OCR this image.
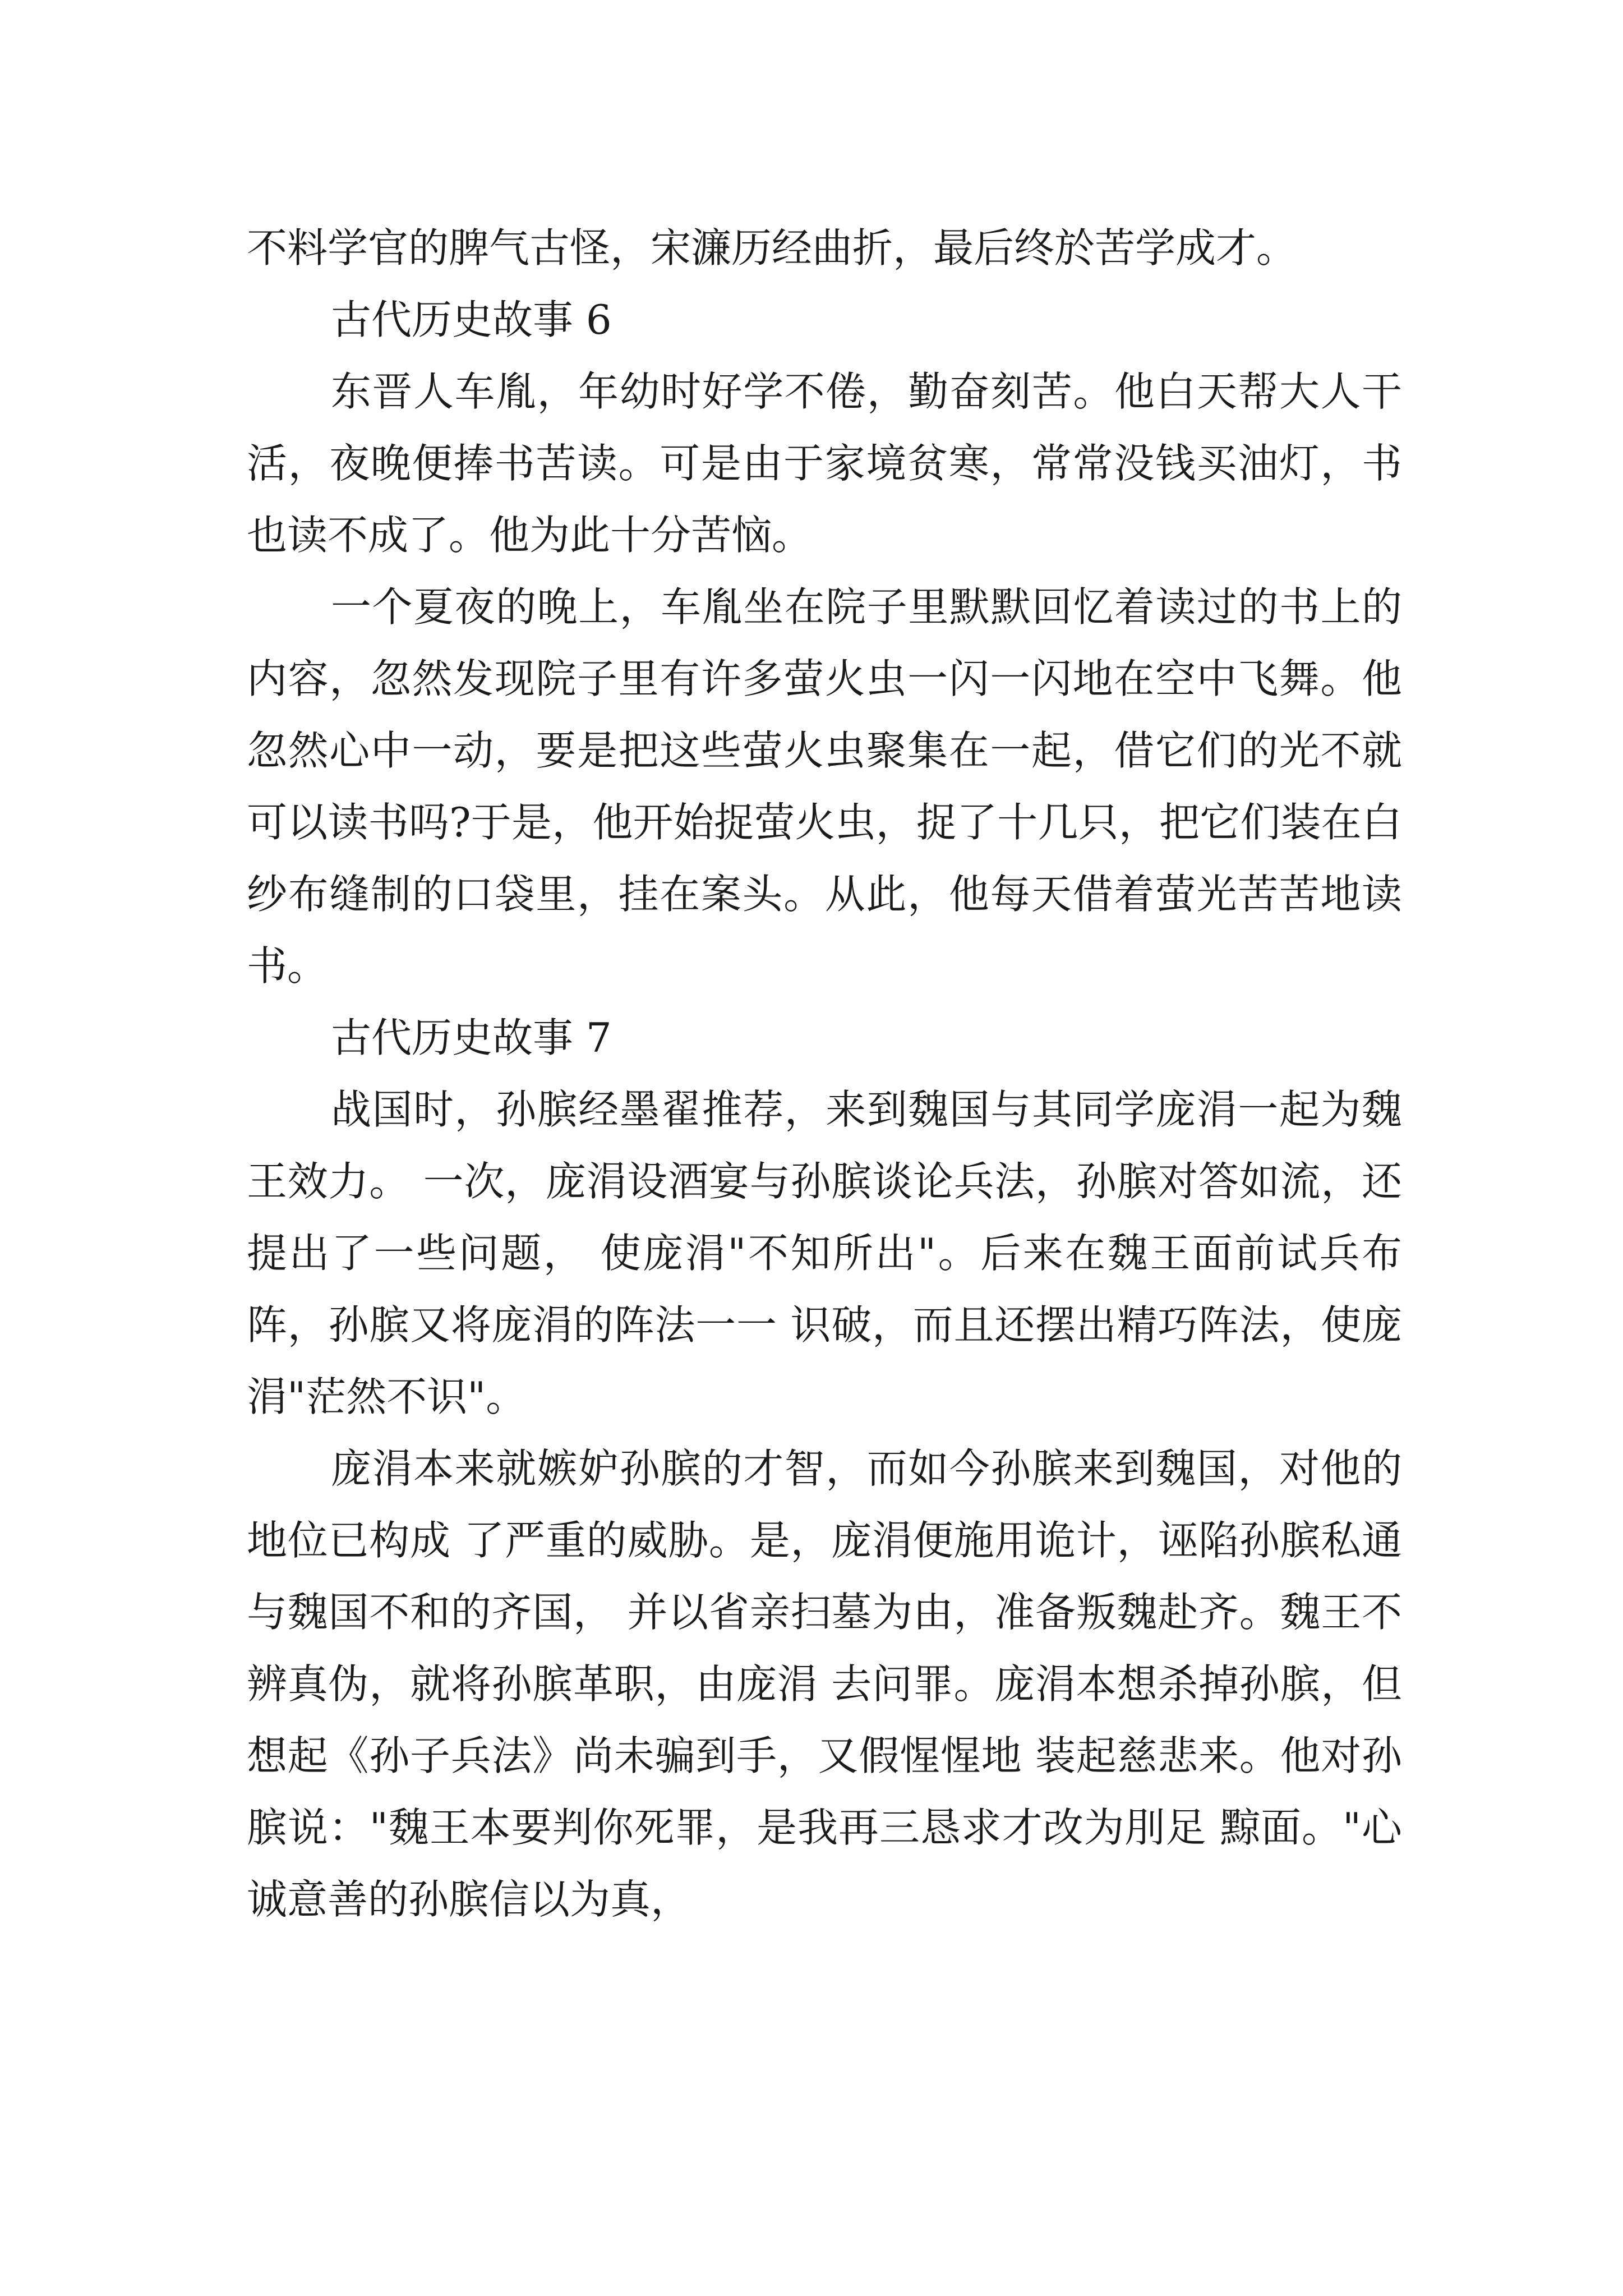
不料学官的脾气古怪，宋濂历经曲折，最后终於苦学成才。

古代历史故事 6

东晋人车胤，年幼时好学不倦，勤奋刻苦。他白天帮大人干活，夜晚便捧书苦读。可是由于家境贫寒，常常没钱买油灯，书也读不成了。他为此十分苦恼。

一个夏夜的晚上，车胤坐在院子里默默回忆着读过的书上的内容，忽然发现院子里有许多萤火虫一闪一闪地在空中飞舞。他忽然心中一动，要是把这些萤火虫聚集在一起，借它们的光不就可以读书吗?于是，他开始捉萤火虫，捉了十几只，把它们装在白纱布缝制的口袋里，挂在案头。从此，他每天借着萤光苦苦地读书。

古代历史故事 7

战国时，孙膑经墨翟推荐，来到魏国与其同学庞涓一起为魏王效力。 一次，庞涓设酒宴与孙膑谈论兵法，孙膑对答如流，还提出了一些问题， 使庞涓"不知所出"。后来在魏王面前试兵布阵，孙膑又将庞涓的阵法一一 识破，而且还摆出精巧阵法，使庞涓"茫然不识"。

庞涓本来就嫉妒孙膑的才智，而如今孙膑来到魏国，对他的地位已构成 了严重的威胁。是，庞涓便施用诡计，诬陷孙膑私通与魏国不和的齐国， 并以省亲扫墓为由，准备叛魏赴齐。魏王不辨真伪，就将孙膑革职，由庞涓 去问罪。庞涓本想杀掉孙膑，但想起《孙子兵法》尚未骗到手，又假惺惺地 装起慈悲来。他对孙膑说："魏王本要判你死罪，是我再三恳求才改为刖足 黥面。"心诚意善的孙膑信以为真，
